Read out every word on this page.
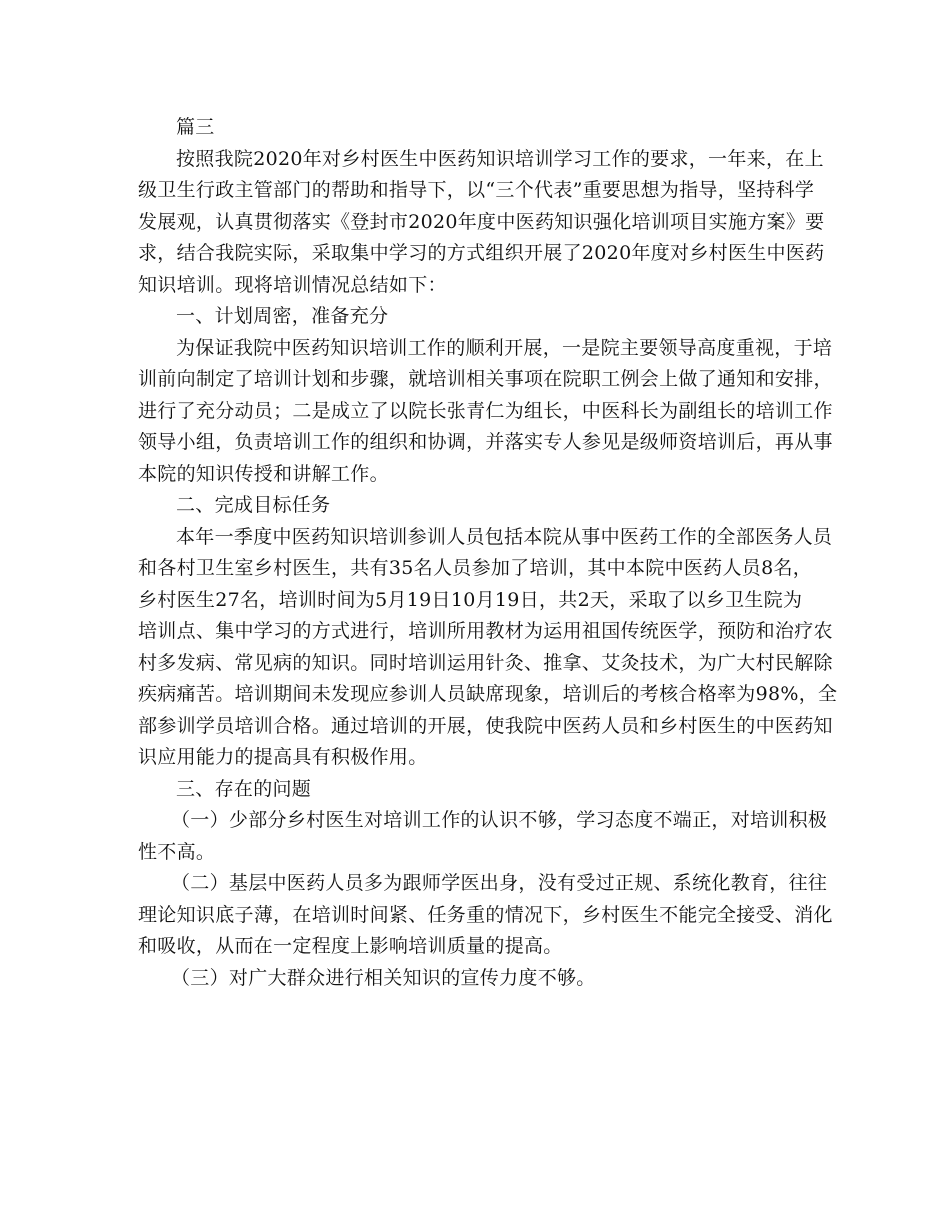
篇三
按照我院2020年对乡村医生中医药知识培训学习工作的要求，一年来，在上
级卫生行政主管部门的帮助和指导下，以“三个代表”重要思想为指导，坚持科学
发展观，认真贯彻落实《登封市2020年度中医药知识强化培训项目实施方案》要
求，结合我院实际，采取集中学习的方式组织开展了2020年度对乡村医生中医药
知识培训。现将培训情况总结如下：
一、计划周密，准备充分
为保证我院中医药知识培训工作的顺利开展，一是院主要领导高度重视，于培
训前向制定了培训计划和步骤，就培训相关事项在院职工例会上做了通知和安排，
进行了充分动员；二是成立了以院长张青仁为组长，中医科长为副组长的培训工作
领导小组，负责培训工作的组织和协调，并落实专人参见是级师资培训后，再从事
本院的知识传授和讲解工作。
二、完成目标任务
本年一季度中医药知识培训参训人员包括本院从事中医药工作的全部医务人员
和各村卫生室乡村医生，共有35名人员参加了培训，其中本院中医药人员8名，
乡村医生27名，培训时间为5月19日10月19日，共2天，采取了以乡卫生院为
培训点、集中学习的方式进行，培训所用教材为运用祖国传统医学，预防和治疗农
村多发病、常见病的知识。同时培训运用针灸、推拿、艾灸技术，为广大村民解除
疾病痛苦。培训期间未发现应参训人员缺席现象，培训后的考核合格率为98%，全
部参训学员培训合格。通过培训的开展，使我院中医药人员和乡村医生的中医药知
识应用能力的提高具有积极作用。
三、存在的问题
（一）少部分乡村医生对培训工作的认识不够，学习态度不端正，对培训积极
性不高。
（二）基层中医药人员多为跟师学医出身，没有受过正规、系统化教育，往往
理论知识底子薄，在培训时间紧、任务重的情况下，乡村医生不能完全接受、消化
和吸收，从而在一定程度上影响培训质量的提高。
（三）对广大群众进行相关知识的宣传力度不够。
